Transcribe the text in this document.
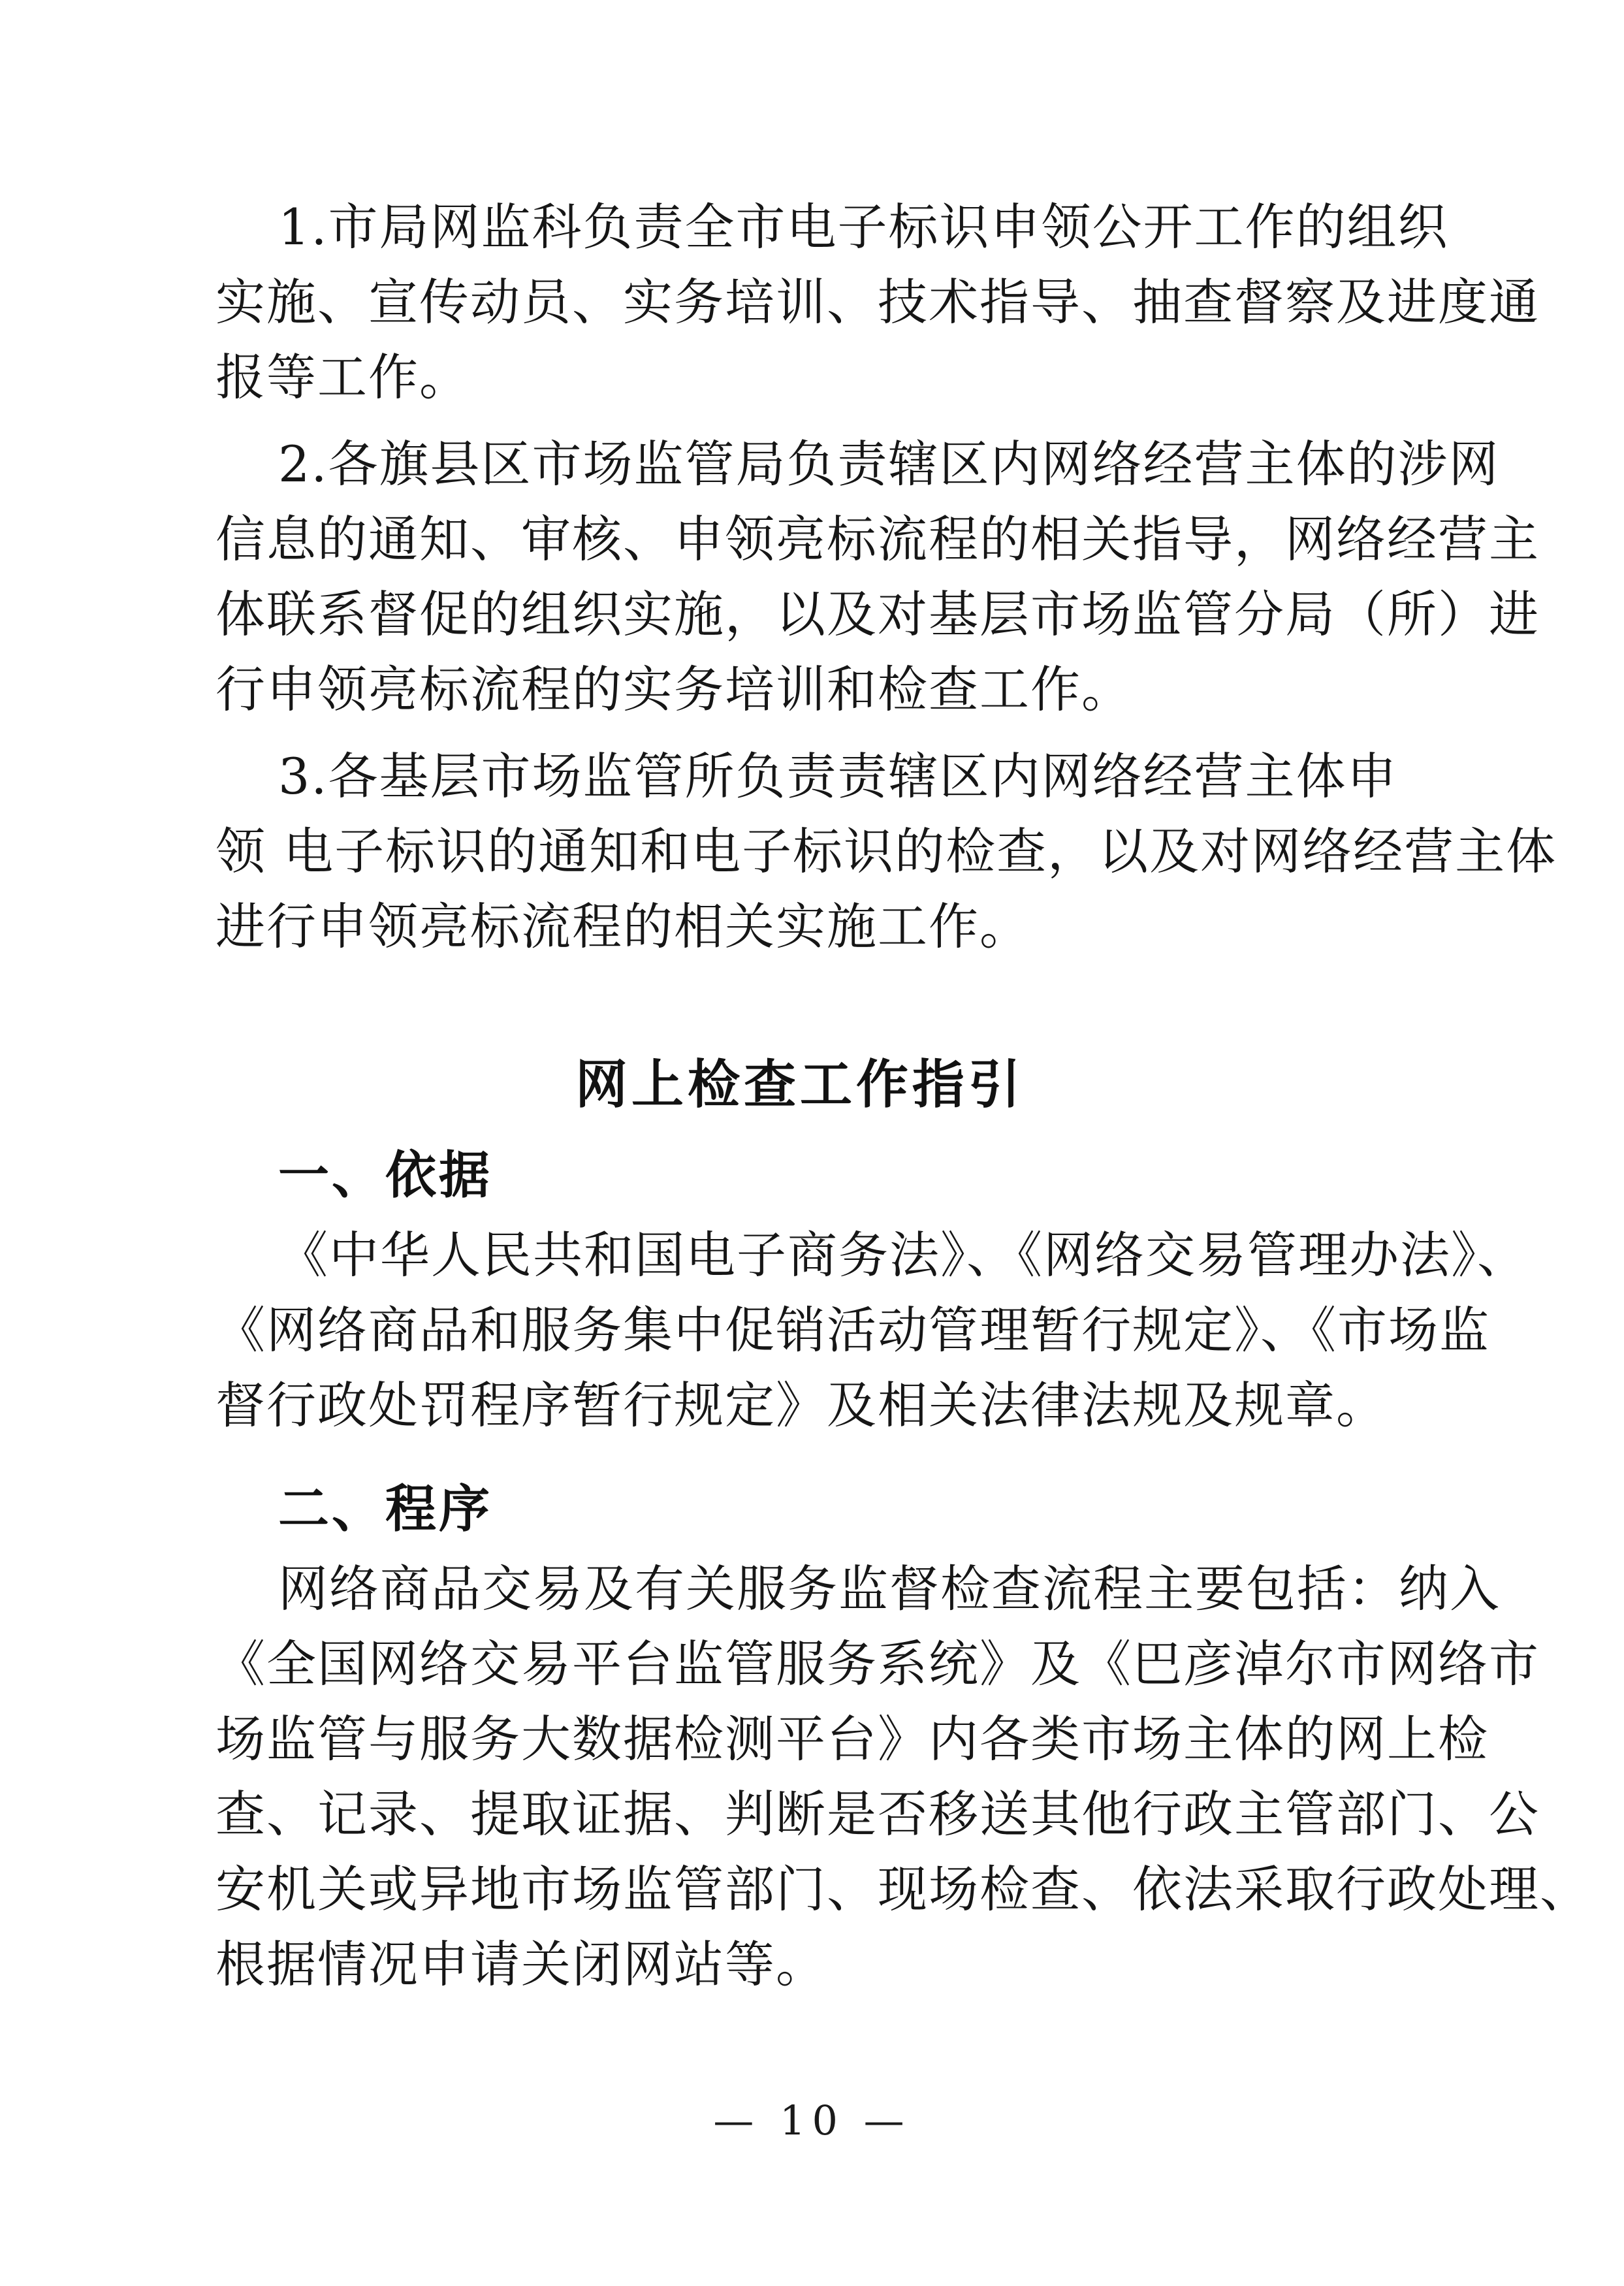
1.市局网监科负责全市电子标识申领公开工作的组织
实施、宣传动员、实务培训、技术指导、抽查督察及进度通
报等工作。
2.各旗县区市场监管局负责辖区内网络经营主体的涉网
信息的通知、审核、申领亮标流程的相关指导，网络经营主
体联系督促的组织实施，以及对基层市场监管分局（所）进
行申领亮标流程的实务培训和检查工作。
3.各基层市场监管所负责责辖区内网络经营主体申
领 电子标识的通知和电子标识的检查，以及对网络经营主体
进行申领亮标流程的相关实施工作。
网上检查工作指引
一、依据
《中华人民共和国电子商务法》、《网络交易管理办法》、
《网络商品和服务集中促销活动管理暂行规定》、《市场监
督行政处罚程序暂行规定》及相关法律法规及规章。
二、程序
网络商品交易及有关服务监督检查流程主要包括：纳入
《全国网络交易平台监管服务系统》及《巴彦淖尔市网络市
场监管与服务大数据检测平台》内各类市场主体的网上检
查、记录、提取证据、判断是否移送其他行政主管部门、公
安机关或异地市场监管部门、现场检查、依法采取行政处理、
根据情况申请关闭网站等。
— 10 —
